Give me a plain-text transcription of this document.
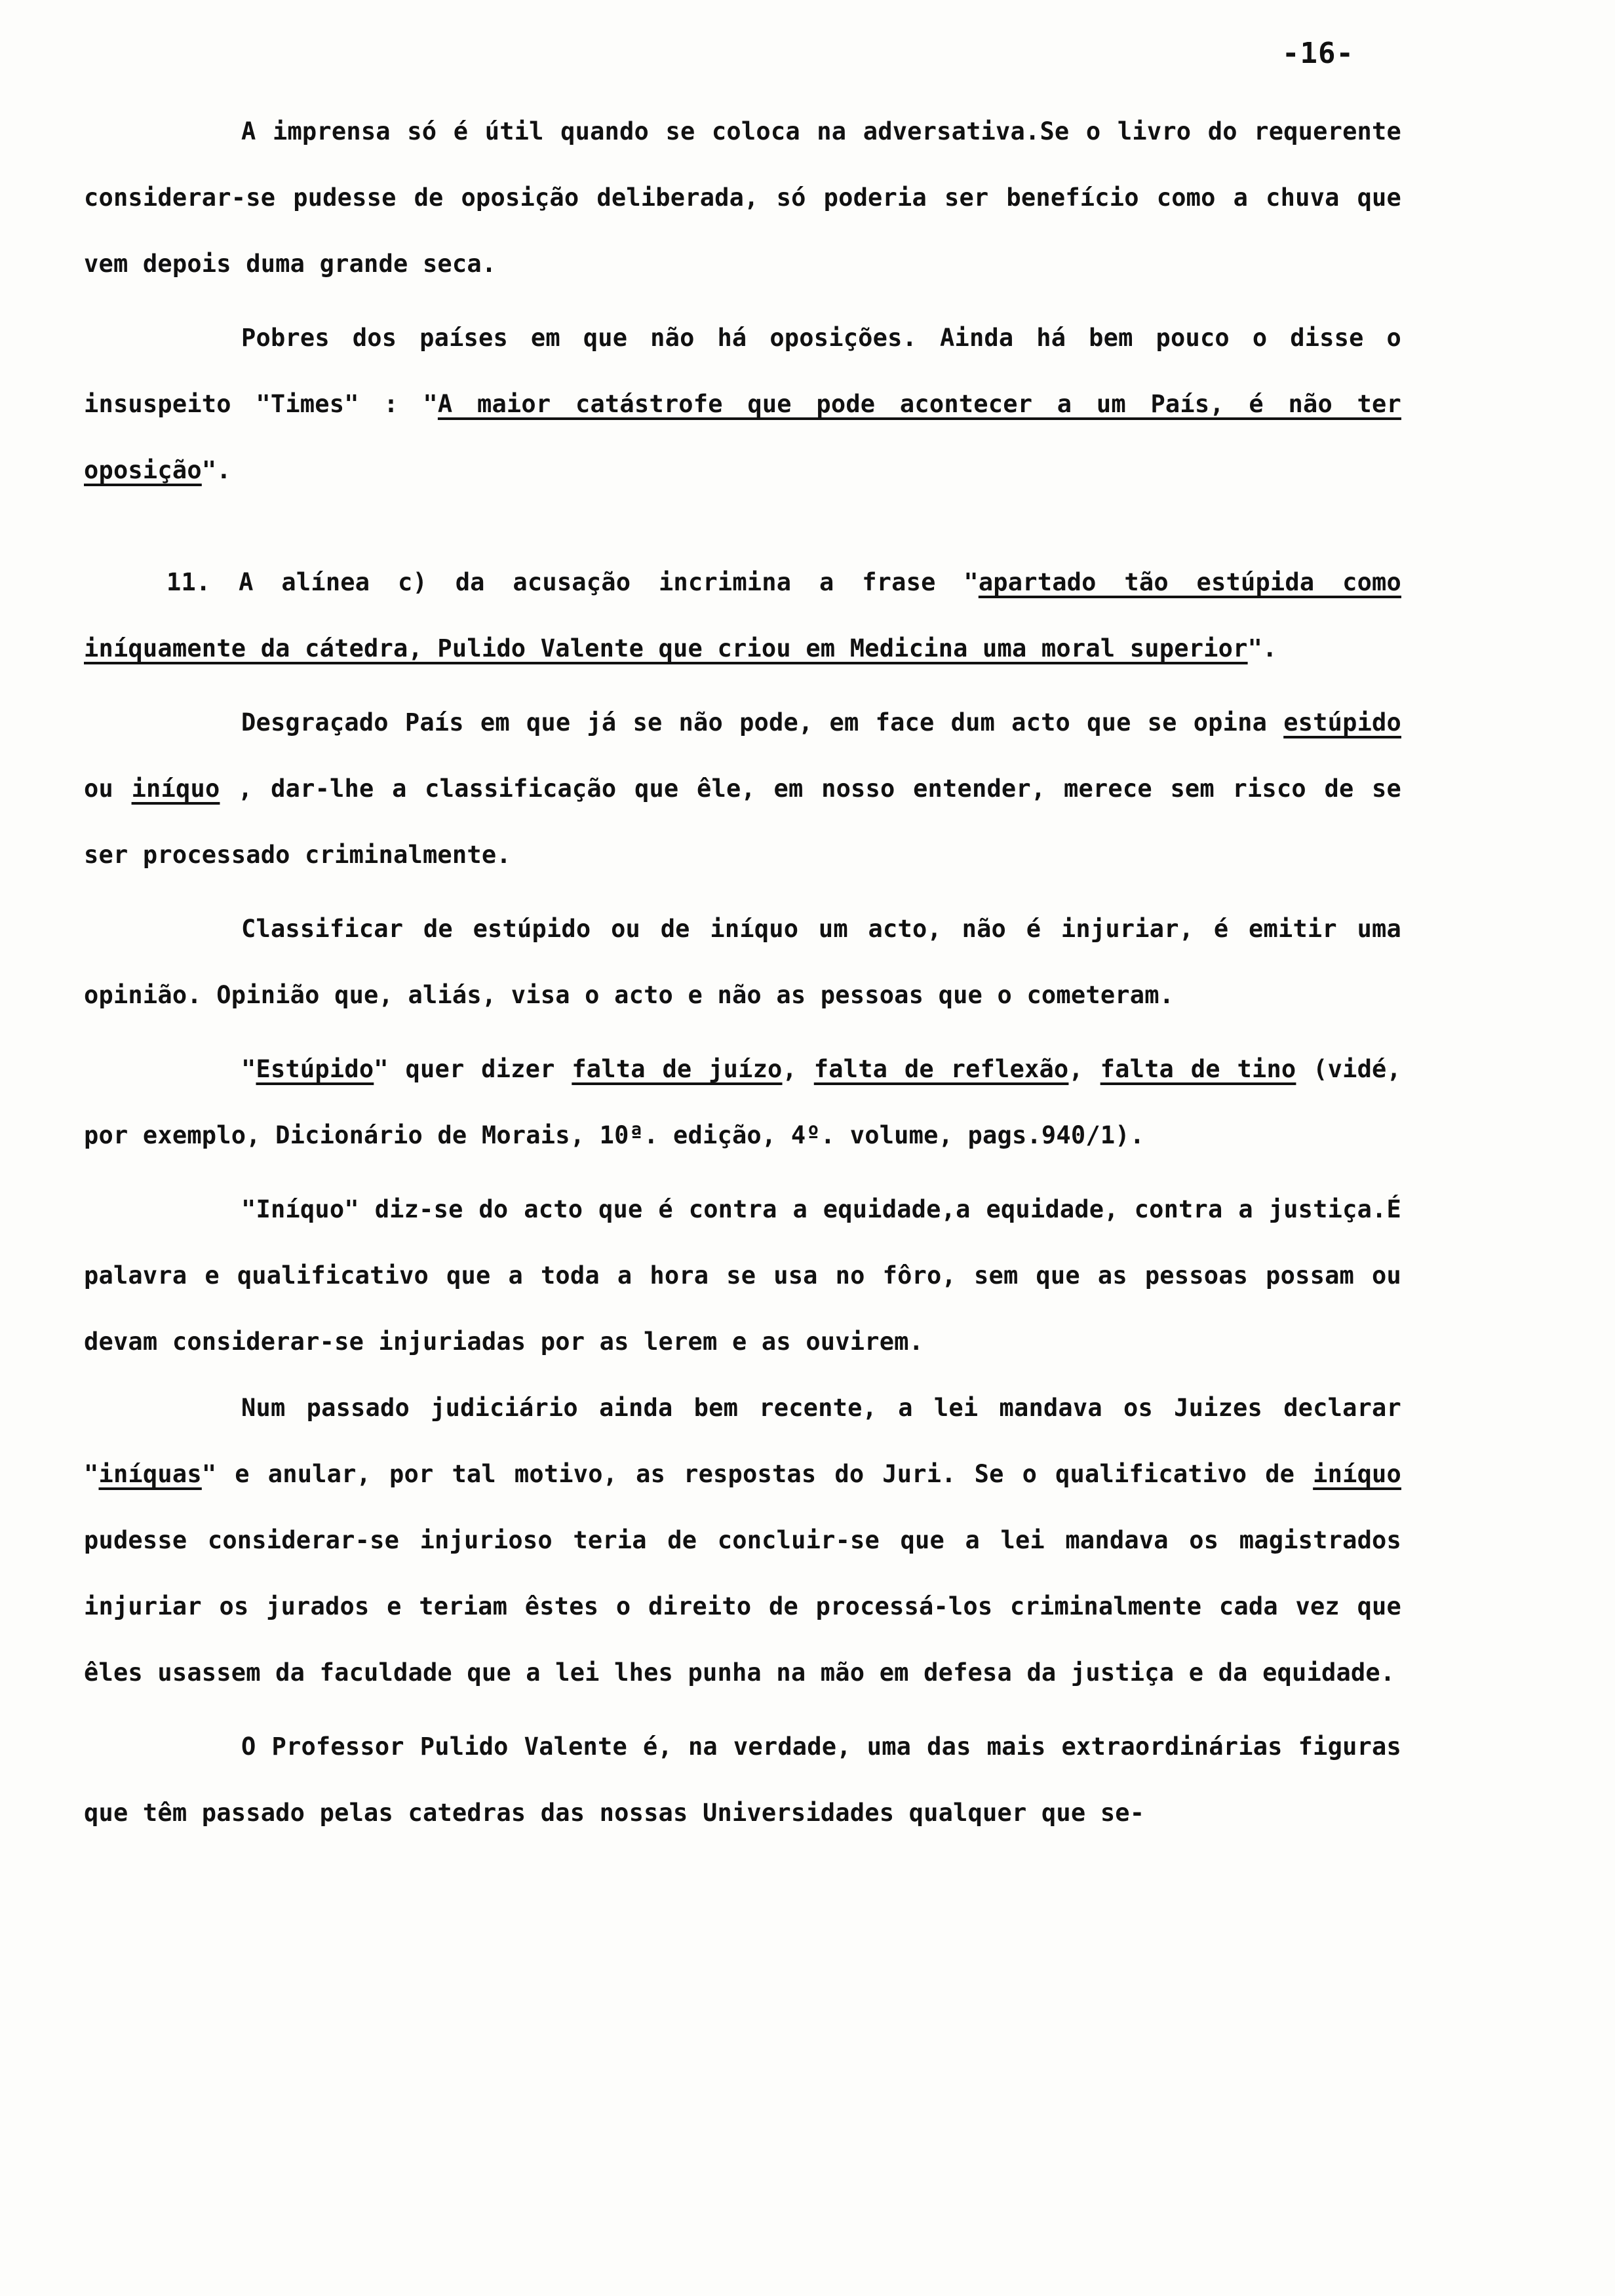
-16-

A imprensa só é útil quando se coloca na adversativa.Se o livro do requerente considerar-se pudesse de oposição deliberada, só poderia ser benefício como a chuva que vem depois duma grande seca.

Pobres dos países em que não há oposições. Ainda há bem pouco o disse o insuspeito "Times" : "A maior catástrofe que pode acontecer a um País, é não ter oposição".

11. A alínea c) da acusação incrimina a frase "apartado tão estúpida como iníquamente da cátedra, Pulido Valente que criou em Medicina uma moral superior".

Desgraçado País em que já se não pode, em face dum acto que se opina estúpido ou iníquo , dar-lhe a classificação que êle, em nosso entender, merece sem risco de se ser processado criminalmente.

Classificar de estúpido ou de iníquo um acto, não é injuriar, é emitir uma opinião. Opinião que, aliás, visa o acto e não as pessoas que o cometeram.

"Estúpido" quer dizer falta de juízo, falta de reflexão, falta de tino (vidé, por exemplo, Dicionário de Morais, 10ª. edição, 4º. volume, pags.940/1).

"Iníquo" diz-se do acto que é contra a equidade,a equidade, contra a justiça.É palavra e qualificativo que a toda a hora se usa no fôro, sem que as pessoas possam ou devam considerar-se injuriadas por as lerem e as ouvirem.

Num passado judiciário ainda bem recente, a lei mandava os Juizes declarar "iníquas" e anular, por tal motivo, as respostas do Juri. Se o qualificativo de iníquo pudesse considerar-se injurioso teria de concluir-se que a lei mandava os magistrados injuriar os jurados e teriam êstes o direito de processá-los criminalmente cada vez que êles usassem da faculdade que a lei lhes punha na mão em defesa da justiça e da equidade.

O Professor Pulido Valente é, na verdade, uma das mais extraordinárias figuras que têm passado pelas catedras das nossas Universidades qualquer que se-
